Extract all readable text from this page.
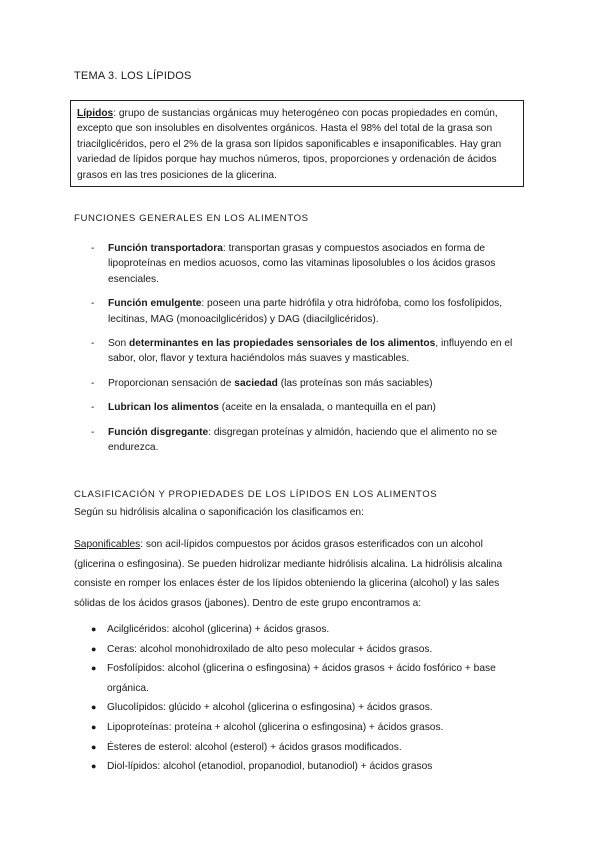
TEMA 3. LOS LÍPIDOS
Lípidos: grupo de sustancias orgánicas muy heterogéneo con pocas propiedades en común, excepto que son insolubles en disolventes orgánicos. Hasta el 98% del total de la grasa son triacilglicéridos, pero el 2% de la grasa son lípidos saponificables e insaponificables. Hay gran variedad de lípidos porque hay muchos números, tipos, proporciones y ordenación de ácidos grasos en las tres posiciones de la glicerina.
FUNCIONES GENERALES EN LOS ALIMENTOS
- Función transportadora: transportan grasas y compuestos asociados en forma de lipoproteínas en medios acuosos, como las vitaminas liposolubles o los ácidos grasos esenciales.
- Función emulgente: poseen una parte hidrófila y otra hidrófoba, como los fosfolípidos, lecitinas, MAG (monoacilglicéridos) y DAG (diacilglicéridos).
- Son determinantes en las propiedades sensoriales de los alimentos, influyendo en el sabor, olor, flavor y textura haciéndolos más suaves y masticables.
- Proporcionan sensación de saciedad (las proteínas son más saciables)
- Lubrican los alimentos (aceite en la ensalada, o mantequilla en el pan)
- Función disgregante: disgregan proteínas y almidón, haciendo que el alimento no se endurezca.
CLASIFICACIÓN Y PROPIEDADES DE LOS LÍPIDOS EN LOS ALIMENTOS
Según su hidrólisis alcalina o saponificación los clasificamos en:
Saponificables: son acil-lípidos compuestos por ácidos grasos esterificados con un alcohol (glicerina o esfingosina). Se pueden hidrolizar mediante hidrólisis alcalina. La hidrólisis alcalina consiste en romper los enlaces éster de los lípidos obteniendo la glicerina (alcohol) y las sales sólidas de los ácidos grasos (jabones). Dentro de este grupo encontramos a:
● Acilglicéridos: alcohol (glicerina) + ácidos grasos.
● Ceras: alcohol monohidroxilado de alto peso molecular + ácidos grasos.
● Fosfolípidos: alcohol (glicerina o esfingosina) + ácidos grasos + ácido fosfórico + base orgánica.
● Glucolípidos: glúcido + alcohol (glicerina o esfingosina) + ácidos grasos.
● Lipoproteínas: proteína + alcohol (glicerina o esfingosina) + ácidos grasos.
● Ésteres de esterol: alcohol (esterol) + ácidos grasos modificados.
● Diol-lípidos: alcohol (etanodiol, propanodiol, butanodiol) + ácidos grasos
